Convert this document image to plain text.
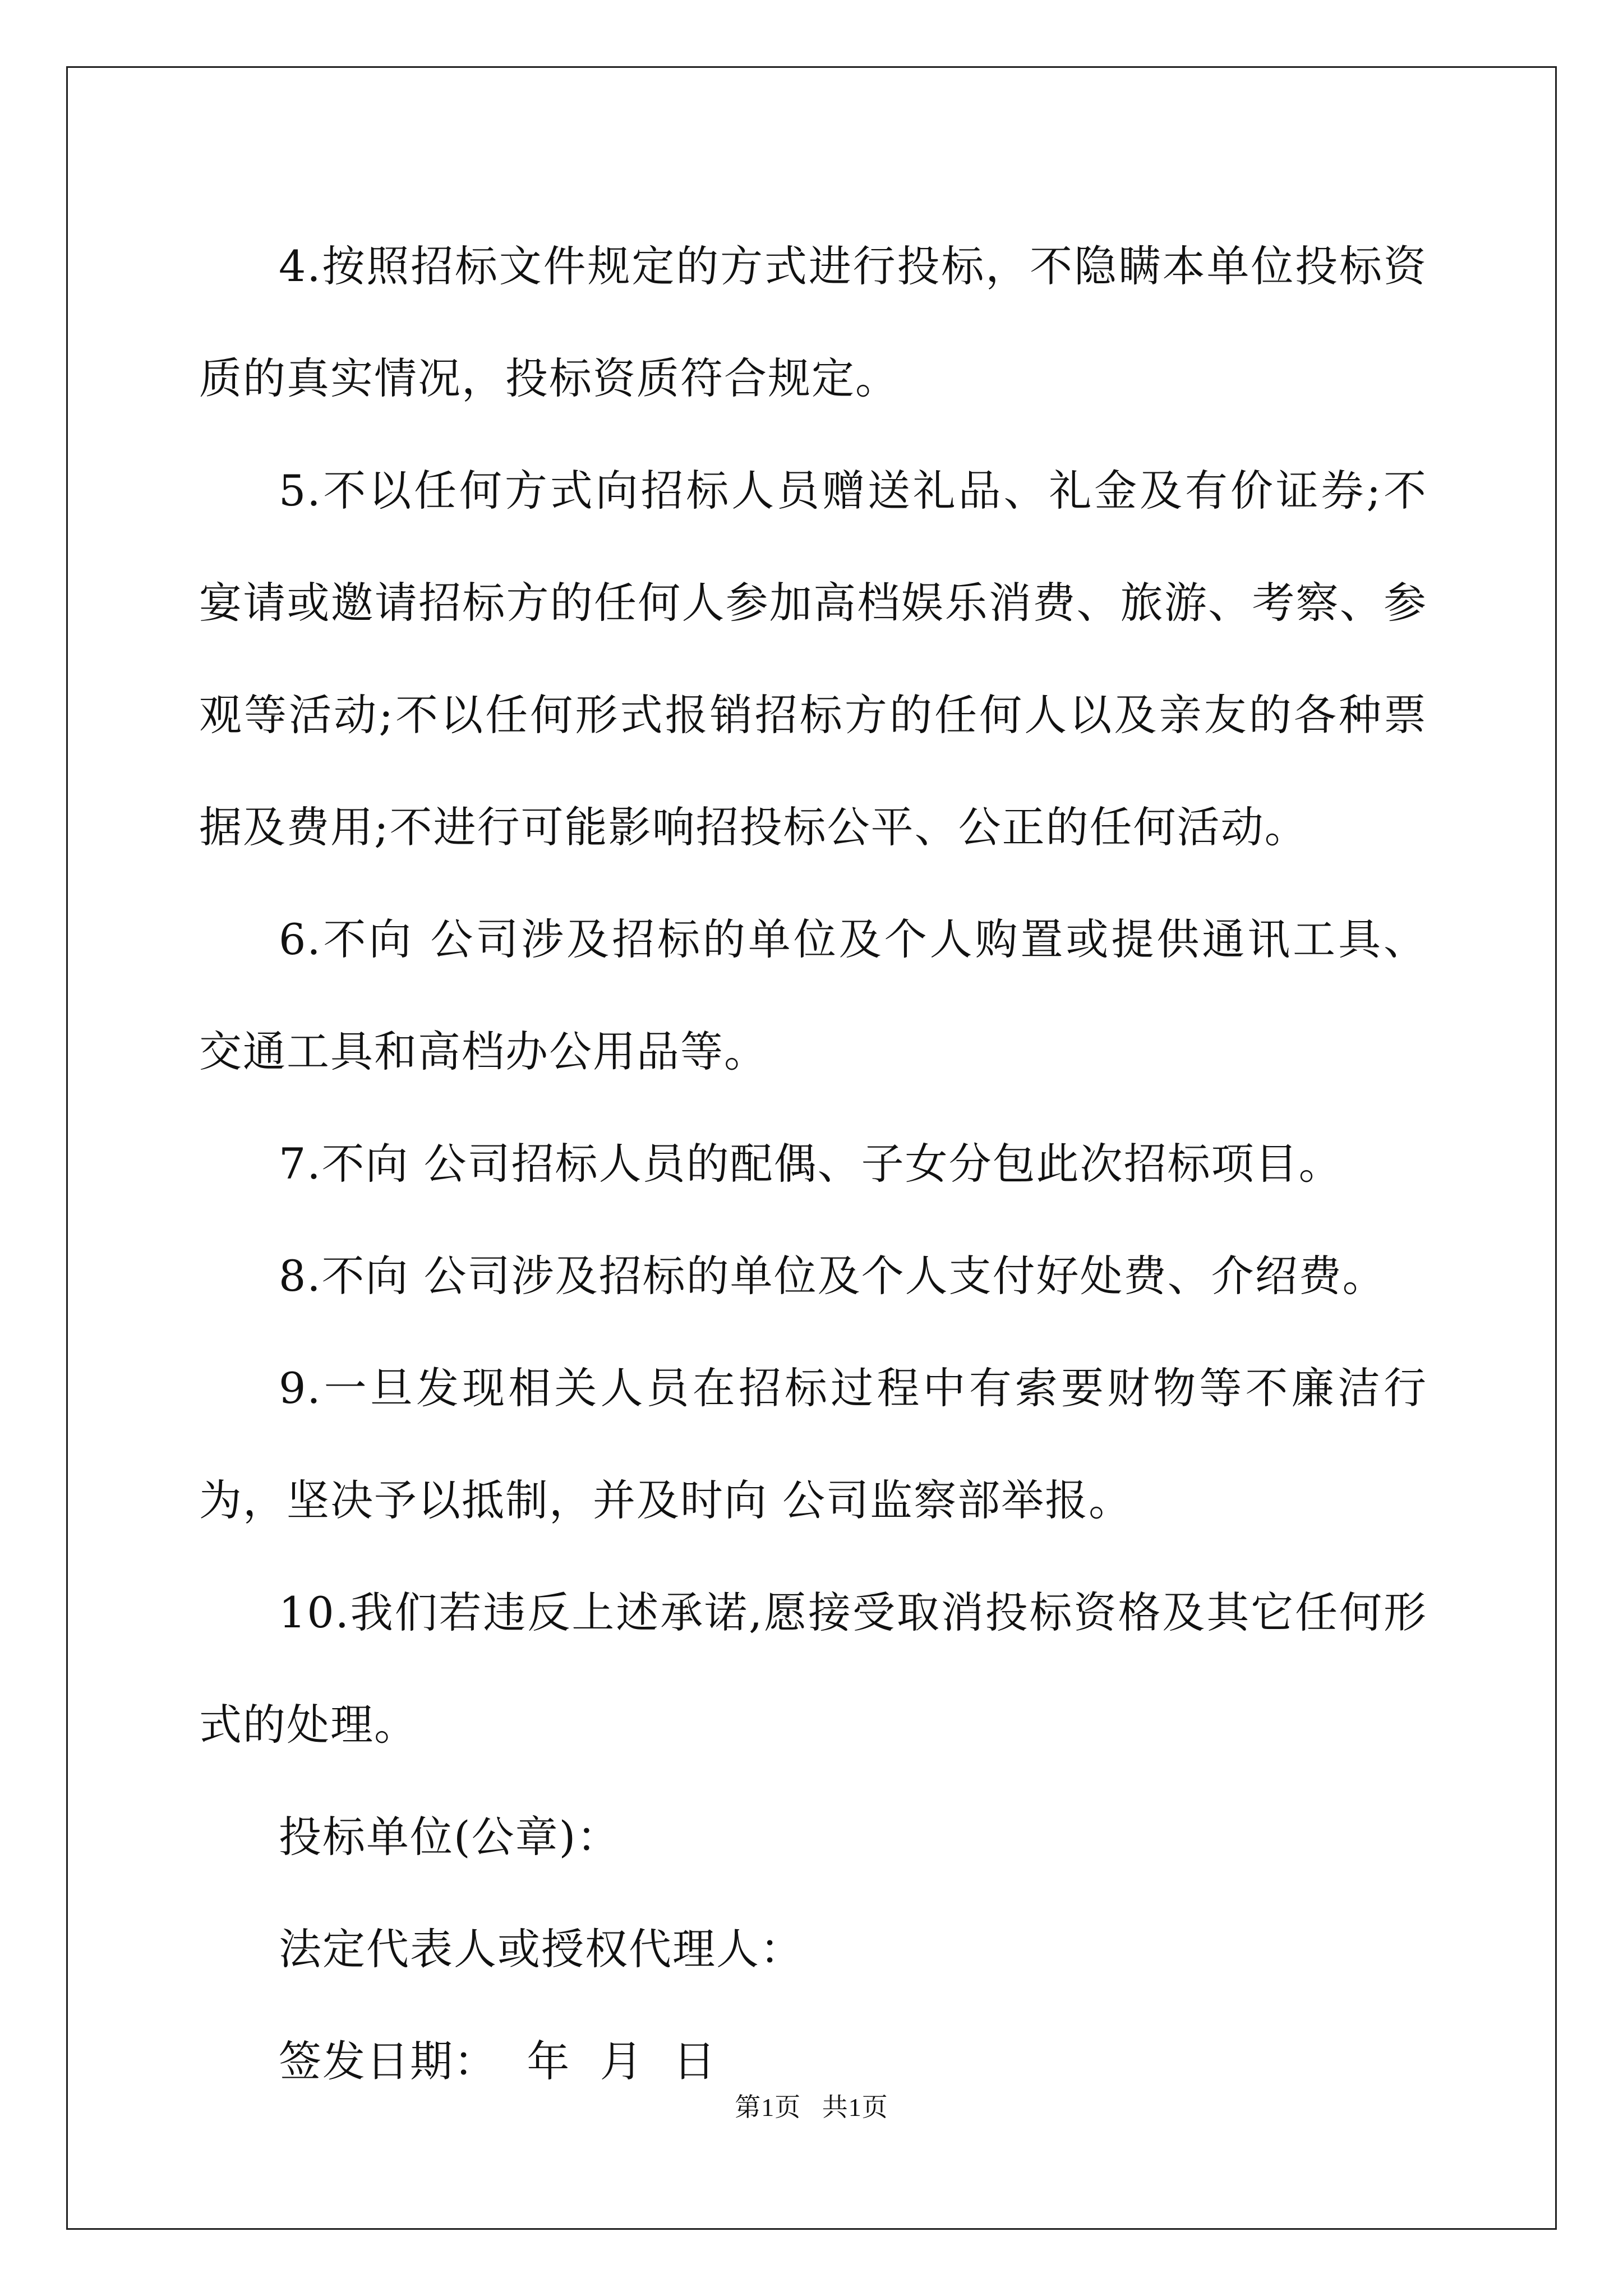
4.按照招标文件规定的方式进行投标，不隐瞒本单位投标资质的真实情况，投标资质符合规定。

5.不以任何方式向招标人员赠送礼品、礼金及有价证券;不宴请或邀请招标方的任何人参加高档娱乐消费、旅游、考察、参观等活动;不以任何形式报销招标方的任何人以及亲友的各种票据及费用;不进行可能影响招投标公平、公正的任何活动。

6.不向 公司涉及招标的单位及个人购置或提供通讯工具、交通工具和高档办公用品等。

7.不向 公司招标人员的配偶、子女分包此次招标项目。

8.不向 公司涉及招标的单位及个人支付好处费、介绍费。

9.一旦发现相关人员在招标过程中有索要财物等不廉洁行为，坚决予以抵制，并及时向 公司监察部举报。

10.我们若违反上述承诺,愿接受取消投标资格及其它任何形式的处理。

投标单位(公章)：

法定代表人或授权代理人：

签发日期：  年  月  日

第1页   共1页
